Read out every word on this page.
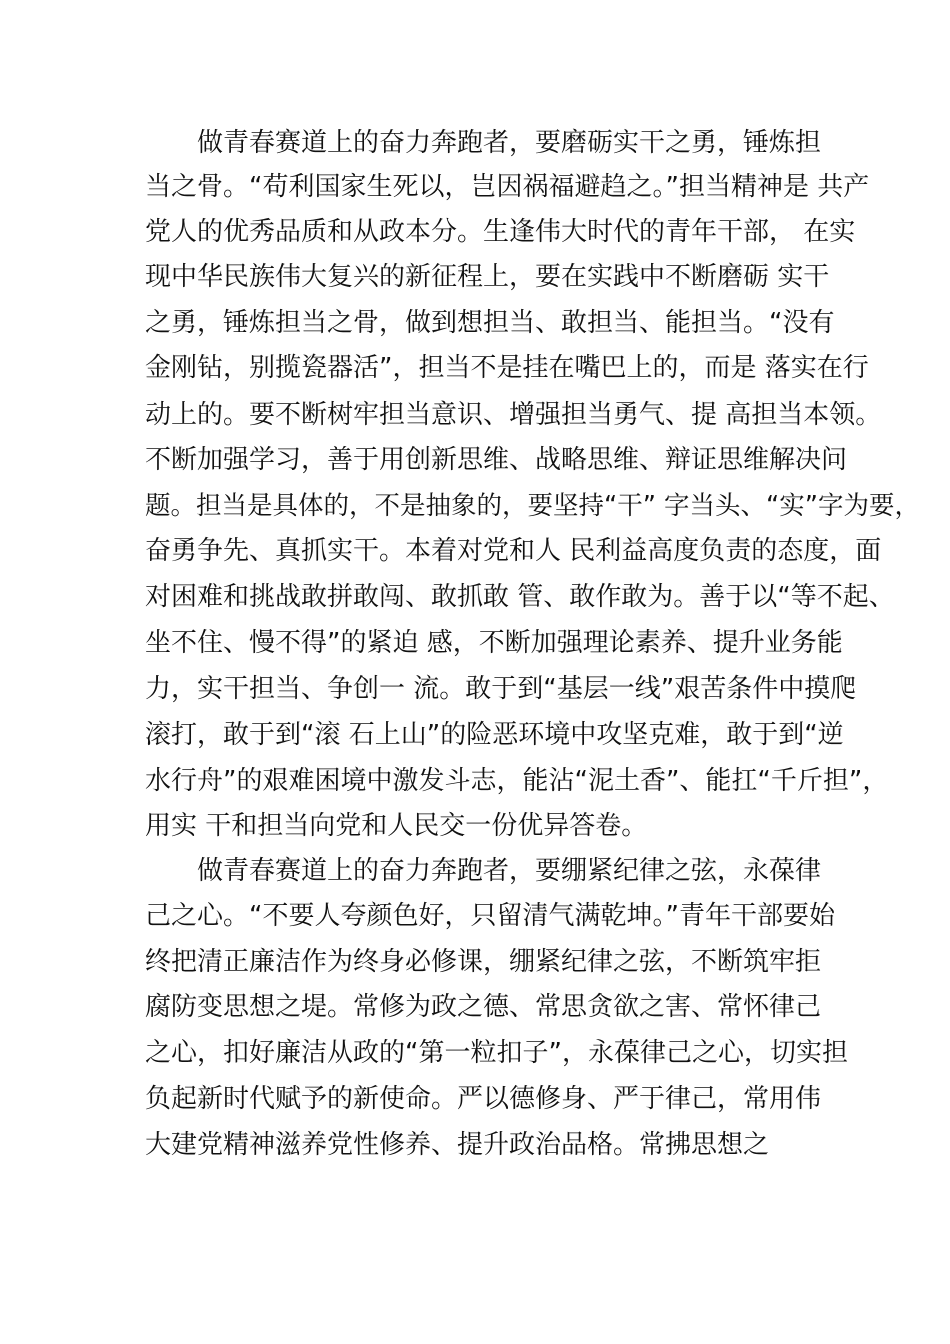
做青春赛道上的奋力奔跑者，要磨砺实干之勇，锤炼担
当之骨。“苟利国家生死以，岂因祸福避趋之。”担当精神是 共产
党人的优秀品质和从政本分。生逢伟大时代的青年干部， 在实
现中华民族伟大复兴的新征程上，要在实践中不断磨砺 实干
之勇，锤炼担当之骨，做到想担当、敢担当、能担当。“没有
金刚钻，别揽瓷器活”，担当不是挂在嘴巴上的，而是 落实在行
动上的。要不断树牢担当意识、增强担当勇气、提 高担当本领。
不断加强学习，善于用创新思维、战略思维、辩证思维解决问
题。担当是具体的，不是抽象的，要坚持“干” 字当头、“实”字为要，
奋勇争先、真抓实干。本着对党和人 民利益高度负责的态度，面
对困难和挑战敢拼敢闯、敢抓敢 管、敢作敢为。善于以“等不起、
坐不住、慢不得”的紧迫 感，不断加强理论素养、提升业务能
力，实干担当、争创一 流。敢于到“基层一线”艰苦条件中摸爬
滚打，敢于到“滚 石上山”的险恶环境中攻坚克难，敢于到“逆
水行舟”的艰难困境中激发斗志，能沾“泥土香”、能扛“千斤担”，
用实 干和担当向党和人民交一份优异答卷。
做青春赛道上的奋力奔跑者，要绷紧纪律之弦，永葆律
己之心。“不要人夸颜色好，只留清气满乾坤。”青年干部要始
终把清正廉洁作为终身必修课，绷紧纪律之弦，不断筑牢拒
腐防变思想之堤。常修为政之德、常思贪欲之害、常怀律己
之心，扣好廉洁从政的“第一粒扣子”，永葆律己之心，切实担
负起新时代赋予的新使命。严以德修身、严于律己，常用伟
大建党精神滋养党性修养、提升政治品格。常拂思想之
